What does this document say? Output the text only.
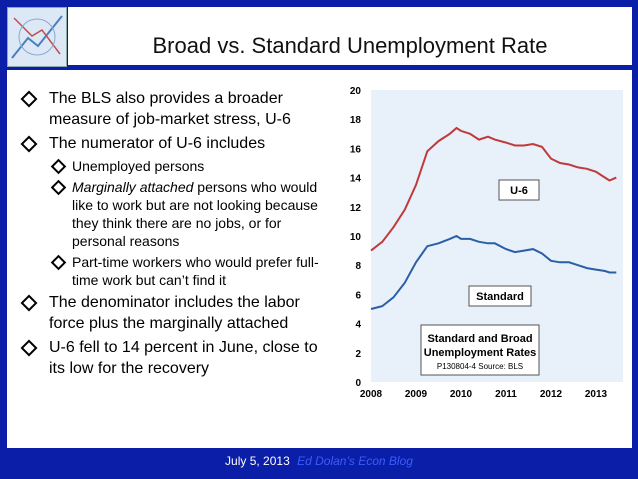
Broad vs. Standard Unemployment Rate
The BLS also provides a broader measure of job-market stress, U-6
The numerator of U-6 includes
Unemployed persons
Marginally attached persons who would like to work but are not looking because they think there are no jobs, or for personal reasons
Part-time workers who would prefer full-time work but can’t find it
The denominator includes the labor force plus the marginally attached
U-6 fell to 14 percent in June, close to its low for the recovery
0
2
4
6
8
10
12
14
16
18
20
2008 2009 2010 2011 2012 2013
Standard and Broad
Unemployment Rates
P130804-4 Source: BLS
U-6
Standard
July 5, 2013 Ed Dolan’s Econ Blog
